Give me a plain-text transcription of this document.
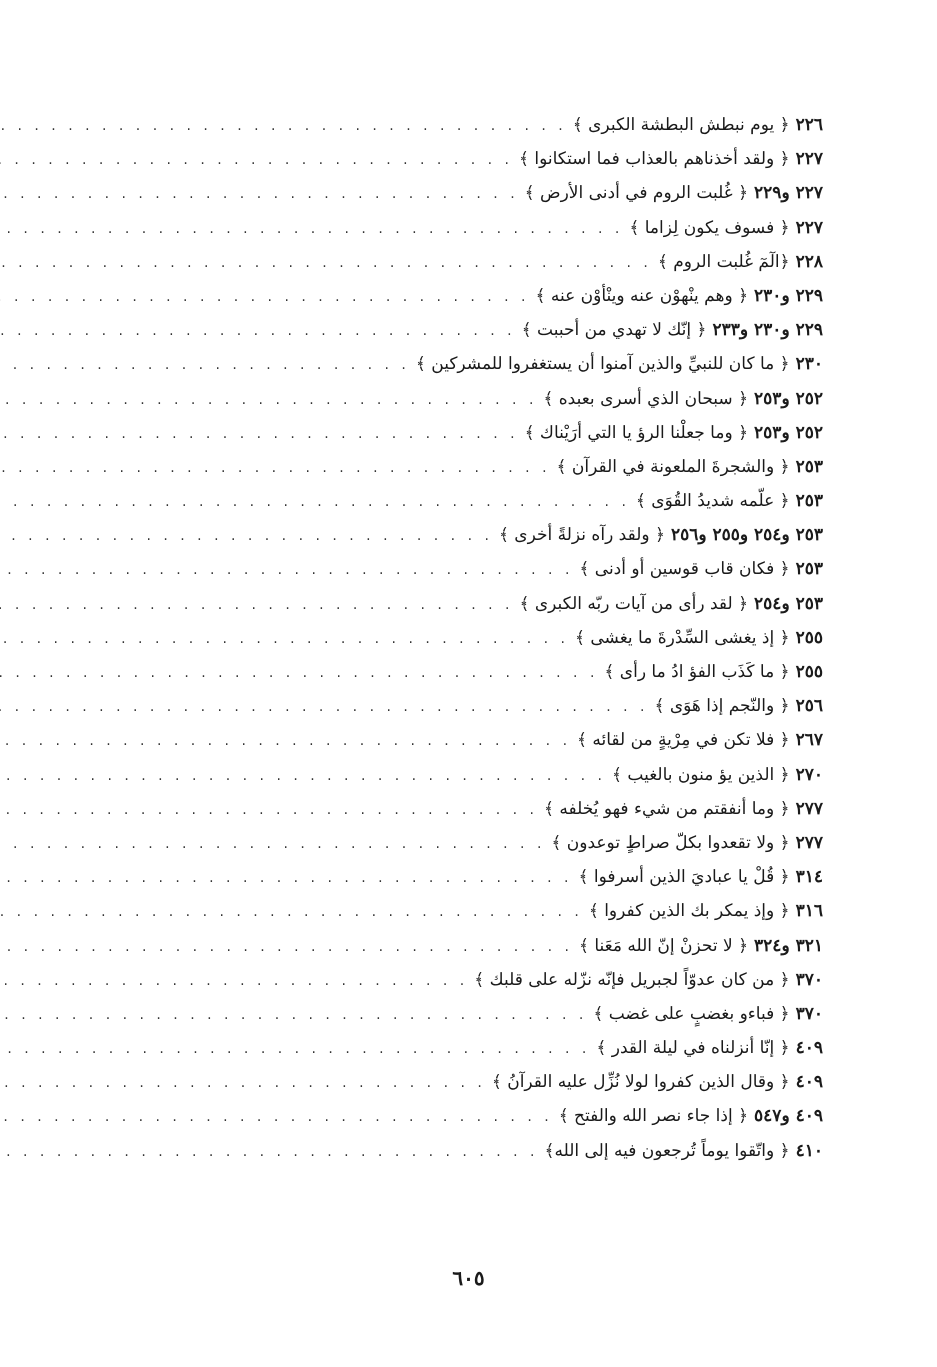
٢٢٦
﴿ يوم نبطش البطشة الكبرى ﴾
. . .
٢٢٧
﴿ ولقد أخذناهم بالعذاب فما استكانوا ﴾
. . .
٢٢٧ و٢٢٩
﴿ غُلبت الروم في أدنى الأرض ﴾
. . .
٢٢٧
﴿ فسوف يكون لِزاما ﴾
. . .
٢٢٨
﴿الٓمٓ غُلبت الروم ﴾
. . .
٢٢٩ و٢٣٠
﴿ وهم ينْهوْن عنه وينْأوْن عنه ﴾
. . .
٢٢٩ و٢٣٠ و٢٣٣
﴿ إنّك لا تهدي من أحببت ﴾
. . .
٢٣٠
﴿ ما كان للنبيِّ والذين آمنوا أن يستغفروا للمشركين ﴾
. . .
٢٥٢ و٢٥٣
﴿ سبحان الذي أسرى بعبده ﴾
. . .
٢٥٢ و٢٥٣
﴿ وما جعلْنا الرؤ يا التي أرَيْناك ﴾
. . .
٢٥٣
﴿ والشجرةَ الملعونة في القرآن ﴾
. . .
٢٥٣
﴿ علّمه شديدُ القُوَى ﴾
. . .
٢٥٣ و٢٥٤ و٢٥٥ و٢٥٦
﴿ ولقد رآه نزلةً أخرى ﴾
. . .
٢٥٣
﴿ فكان قاب قوسين أو أدنى ﴾
. . .
٢٥٣ و٢٥٤
﴿ لقد رأى من آيات ربّه الكبرى ﴾
. . .
٢٥٥
﴿ إذ يغشى السِّدْرةَ ما يغشى ﴾
. . .
٢٥٥
﴿ ما كَذَب الفؤ ادُ ما رأى ﴾
. . .
٢٥٦
﴿ والنّجم إذا هَوَى ﴾
. . .
٢٦٧
﴿ فلا تكن في مِرْيةٍ من لقائه ﴾
. . .
٢٧٠
﴿ الذين يؤ منون بالغيب ﴾
. . .
٢٧٧
﴿ وما أنفقتم من شيء فهو يُخلفه ﴾
. . .
٢٧٧
﴿ ولا تقعدوا بكلّ صراطٍ توعدون ﴾
. . .
٣١٤
﴿ قُلْ يا عباديَ الذين أسرفوا ﴾
. . .
٣١٦
﴿ وإذ يمكر بك الذين كفروا ﴾
. . .
٣٢١ و٣٢٤
﴿ لا تحزنْ إنّ الله مَعَنا ﴾
. . .
٣٧٠
﴿ من كان عدوّاً لجبريل فإنّه نزّله على قلبك ﴾
. . .
٣٧٠
﴿ فباءو بغضبٍ على غضب ﴾
. . .
٤٠٩
﴿ إنّا أنزلناه في ليلة القدر ﴾
. . .
٤٠٩
﴿ وقال الذين كفروا لولا نُزِّل عليه القرآنُ ﴾
. . .
٤٠٩ و٥٤٧
﴿ إذا جاء نصر الله والفتح ﴾
. . .
٤١٠
﴿ واتّقوا يوماً تُرجعون فيه إلى الله﴾
. . .
٦٠٥
